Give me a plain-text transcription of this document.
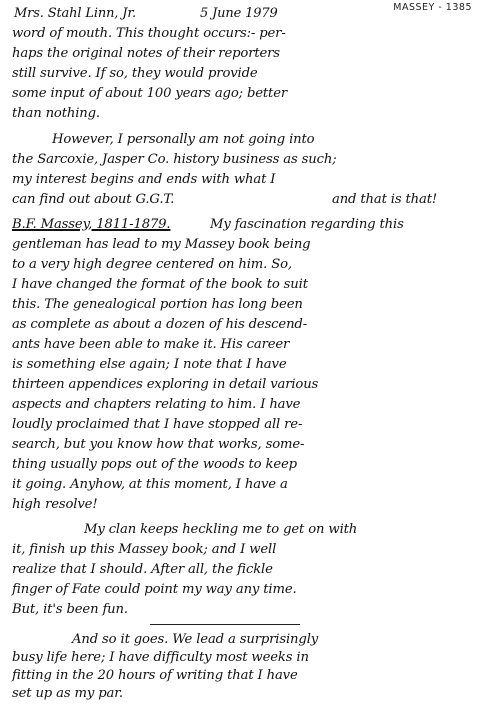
MASSEY - 1385
Mrs. Stahl Linn, Jr.	5 June 1979
word of mouth. This thought occurs:- per-
haps the original notes of their reporters
still survive. If so, they would provide
some input of about 100 years ago; better
than nothing.
However, I personally am not going into
the Sarcoxie, Jasper Co. history business as such;
my interest begins and ends with what I
can find out about G.G.T.	and that is that!
B.F. Massey, 1811-1879.	My fascination regarding this
gentleman has lead to my Massey book being
to a very high degree centered on him. So,
I have changed the format of the book to suit
this. The genealogical portion has long been
as complete as about a dozen of his descend-
ants have been able to make it. His career
is something else again; I note that I have
thirteen appendices exploring in detail various
aspects and chapters relating to him. I have
loudly proclaimed that I have stopped all re-
search, but you know how that works, some-
thing usually pops out of the woods to keep
it going. Anyhow, at this moment, I have a
high resolve!
My clan keeps heckling me to get on with
it, finish up this Massey book; and I well
realize that I should. After all, the fickle
finger of Fate could point my way any time.
But, it's been fun.
And so it goes. We lead a surprisingly
busy life here; I have difficulty most weeks in
fitting in the 20 hours of writing that I have
set up as my par.
